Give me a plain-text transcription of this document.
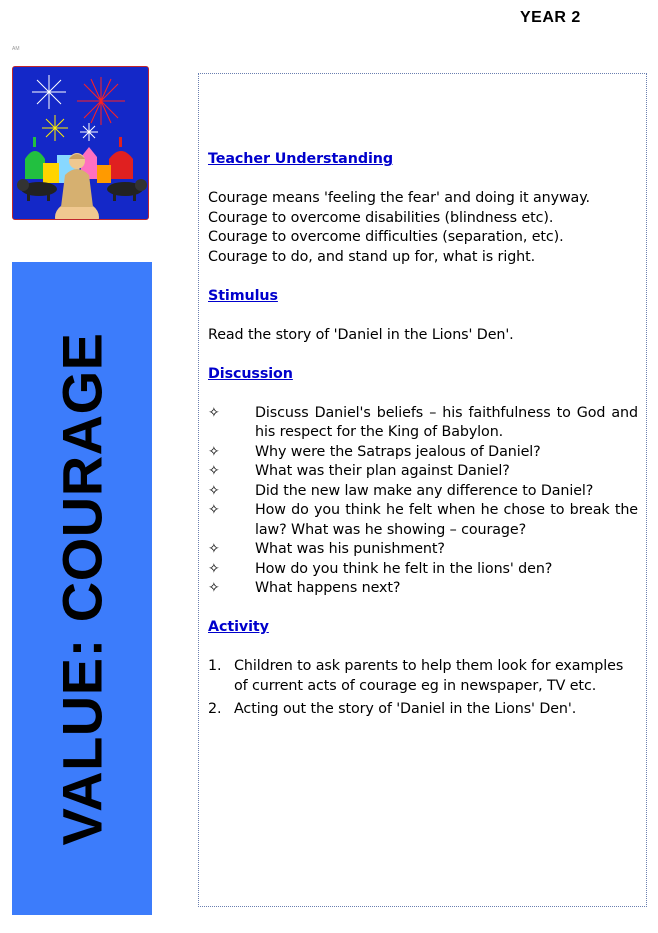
YEAR 2
AM
VALUE: COURAGE

Teacher Understanding

Courage means 'feeling the fear' and doing it anyway.

Courage to overcome disabilities (blindness etc).

Courage to overcome difficulties (separation, etc).

Courage to do, and stand up for, what is right.

Stimulus

Read the story of 'Daniel in the Lions' Den'.

Discussion

✧	Discuss Daniel's beliefs – his faithfulness to God and his respect for the King of Babylon.
✧	Why were the Satraps jealous of Daniel?
✧	What was their plan against Daniel?
✧	Did the new law make any difference to Daniel?
✧	How do you think he felt when he chose to break the law? What was he showing – courage?
✧	What was his punishment?
✧	How do you think he felt in the lions' den?
✧	What happens next?

Activity

1. Children to ask parents to help them look for examples of current acts of courage eg in newspaper, TV etc.
2. Acting out the story of 'Daniel in the Lions' Den'.
